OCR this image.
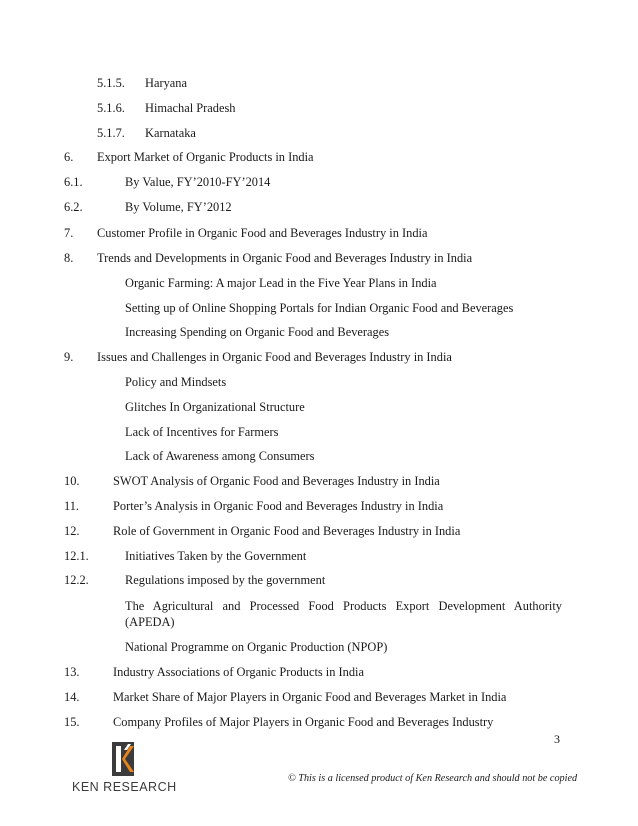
5.1.5. Haryana
5.1.6. Himachal Pradesh
5.1.7. Karnataka
6. Export Market of Organic Products in India
6.1.	By Value, FY’2010-FY’2014
6.2.	By Volume, FY’2012
7. Customer Profile in Organic Food and Beverages Industry in India
8. Trends and Developments in Organic Food and Beverages Industry in India
Organic Farming: A major Lead in the Five Year Plans in India
Setting up of Online Shopping Portals for Indian Organic Food and Beverages
Increasing Spending on Organic Food and Beverages
9. Issues and Challenges in Organic Food and Beverages Industry in India
Policy and Mindsets
Glitches In Organizational Structure
Lack of Incentives for Farmers
Lack of Awareness among Consumers
10.	SWOT Analysis of Organic Food and Beverages Industry in India
11.	Porter’s Analysis in Organic Food and Beverages Industry in India
12.	Role of Government in Organic Food and Beverages Industry in India
12.1.	Initiatives Taken by the Government
12.2.	Regulations imposed by the government
The Agricultural and Processed Food Products Export Development Authority
(APEDA)
National Programme on Organic Production (NPOP)
13.	Industry Associations of Organic Products in India
14.	Market Share of Major Players in Organic Food and Beverages Market in India
15.	Company Profiles of Major Players in Organic Food and Beverages Industry
3
KEN RESEARCH
© This is a licensed product of Ken Research and should not be copied
